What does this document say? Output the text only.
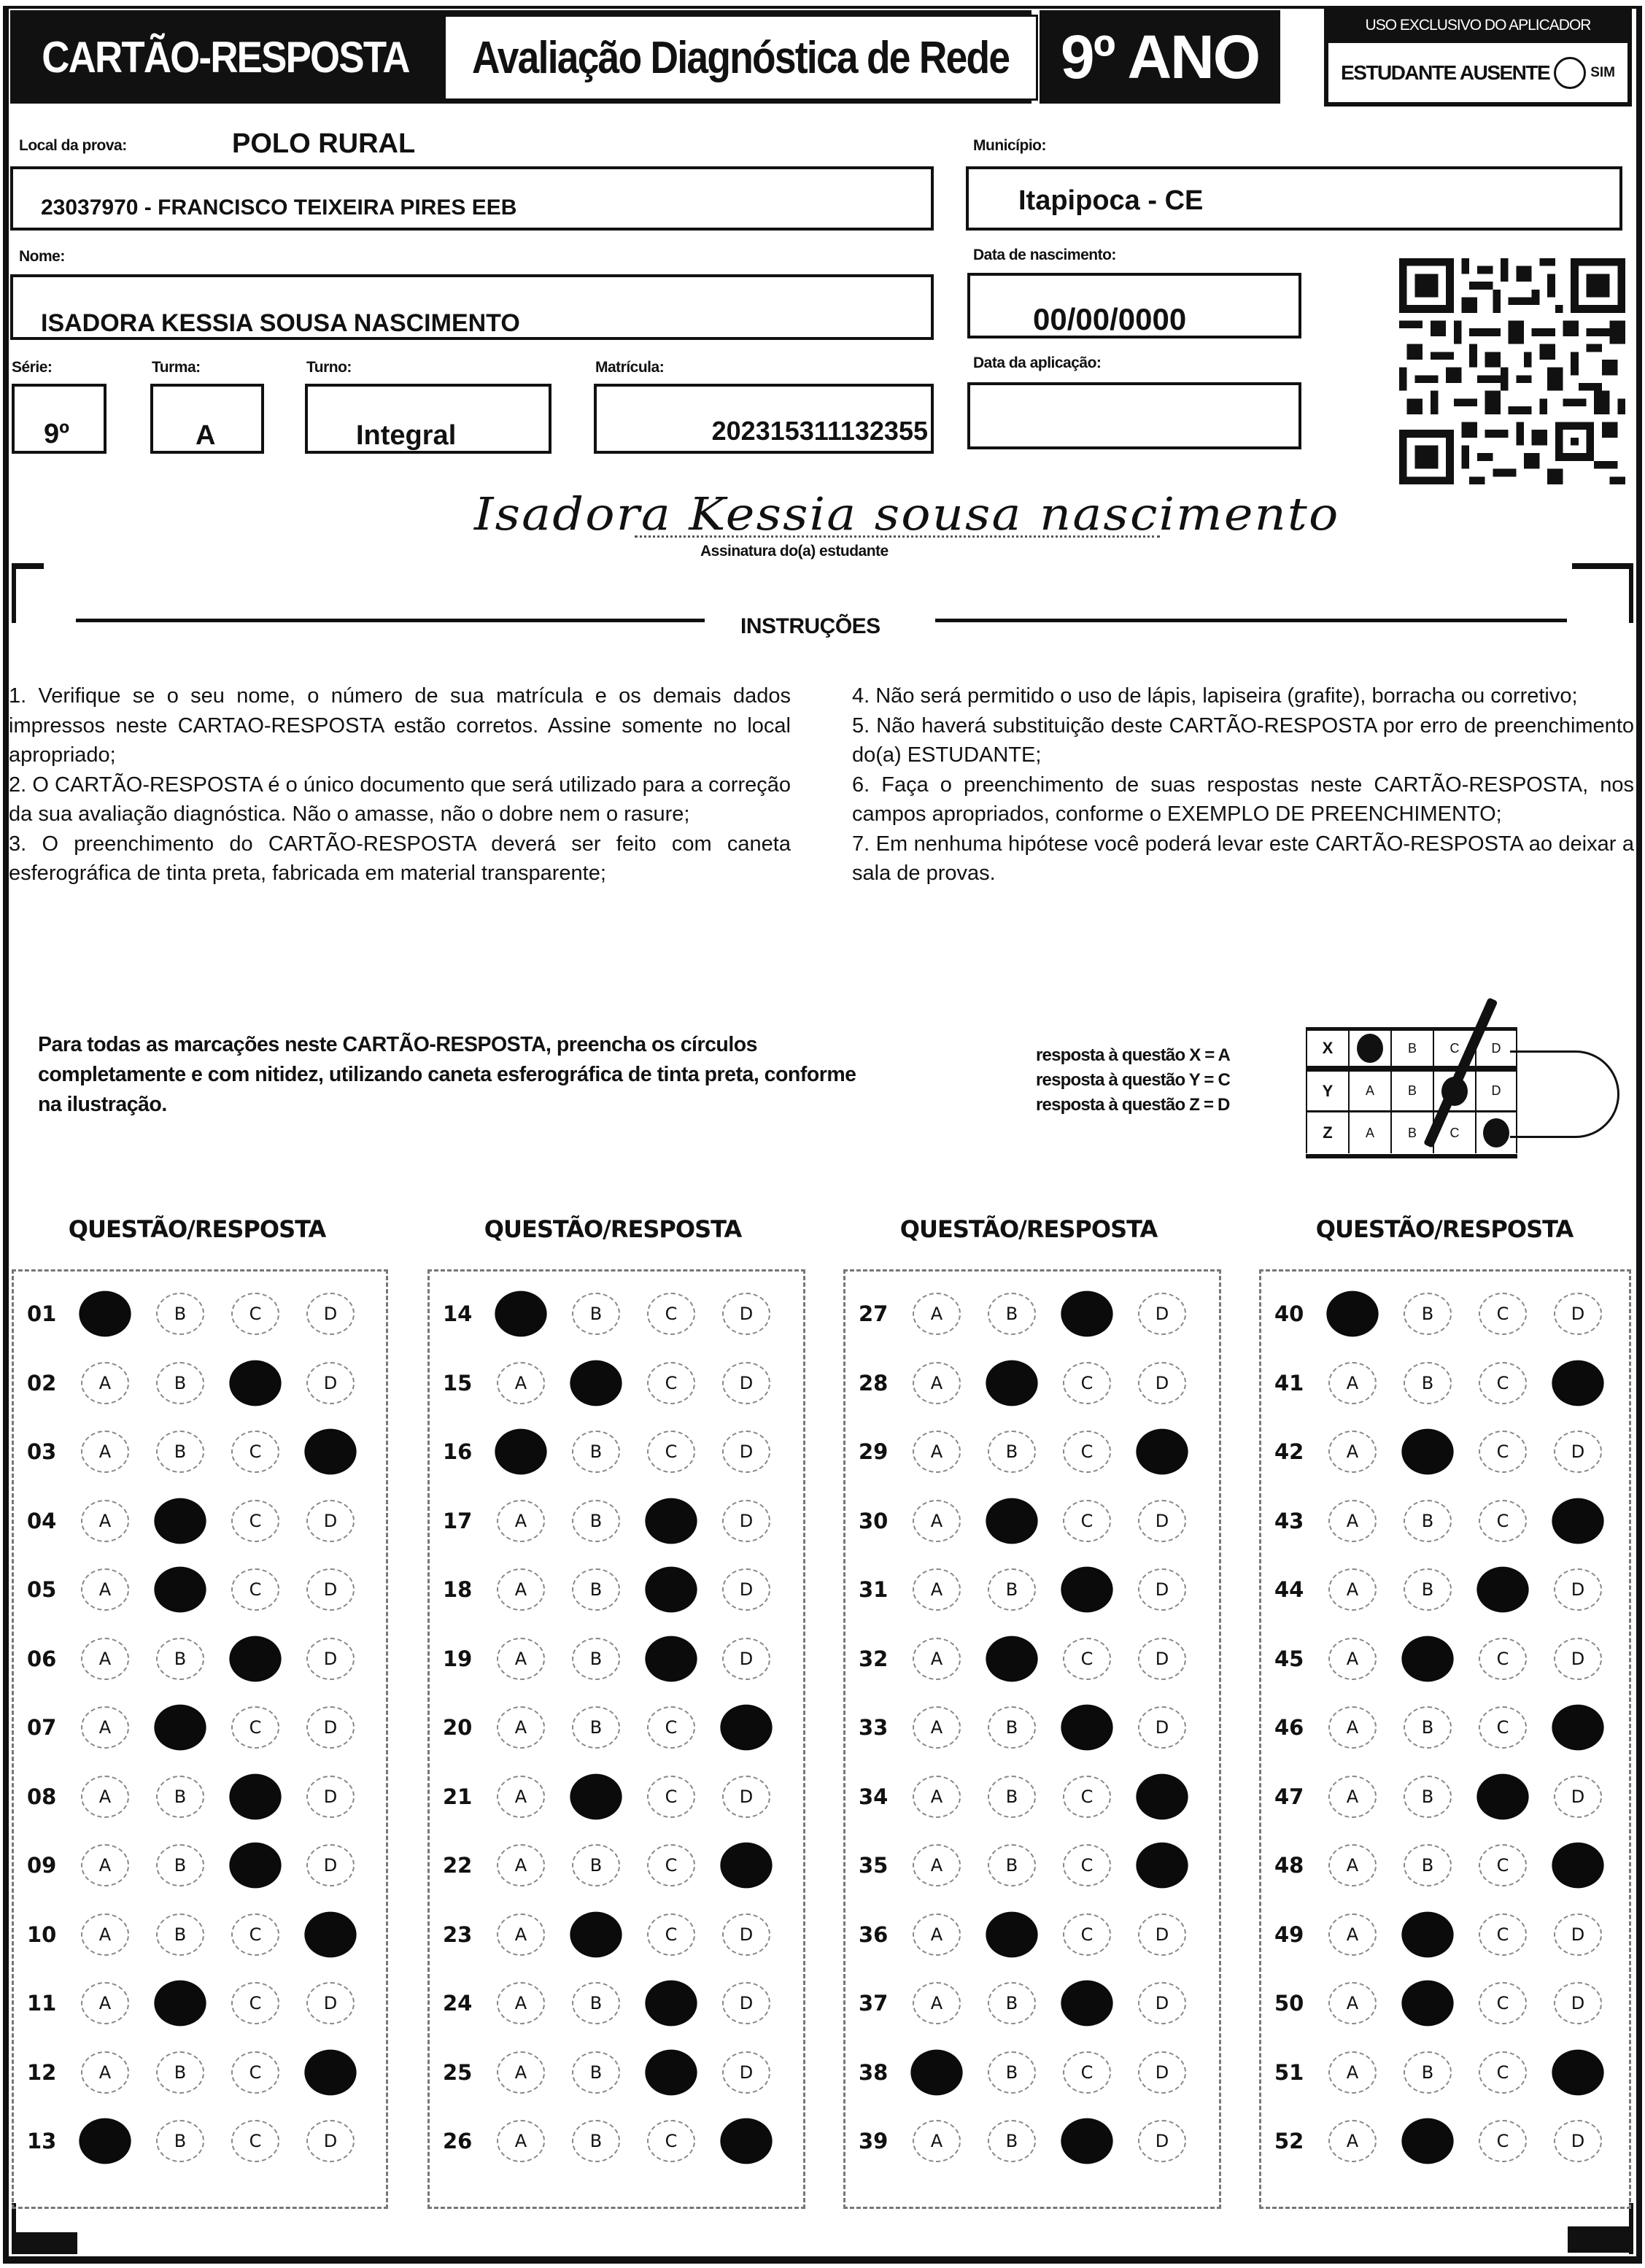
CARTÃO-RESPOSTA Avaliação Diagnóstica de Rede 9º ANO	USO EXCLUSIVO DO APLICADOR
ESTUDANTE AUSENTE	SIM
Local da prova:	POLO RURAL
23037970 - FRANCISCO TEIXEIRA PIRES EEB
Município:
Itapipoca - CE
Nome:
ISADORA KESSIA SOUSA NASCIMENTO
Data de nascimento:
00/00/0000
Série:
9º
Turma:
A
Turno:
Integral
Matrícula:
202315311132355
Data da aplicação:
Isadora Kessia sousa nascimento
Assinatura do(a) estudante
INSTRUÇÕES

1. Verifique se o seu nome, o número de sua matrícula e os demais dados impressos neste CARTAO-RESPOSTA estão corretos. Assine somente no local apropriado;

2. O CARTÃO-RESPOSTA é o único documento que será utilizado para a correção da sua avaliação diagnóstica. Não o amasse, não o dobre nem o rasure;

3. O preenchimento do CARTÃO-RESPOSTA deverá ser feito com caneta esferográfica de tinta preta, fabricada em material transparente;

4. Não será permitido o uso de lápis, lapiseira (grafite), borracha ou corretivo;

5. Não haverá substituição deste CARTÃO-RESPOSTA por erro de preenchimento do(a) ESTUDANTE;

6. Faça o preenchimento de suas respostas neste CARTÃO-RESPOSTA, nos campos apropriados, conforme o EXEMPLO DE PREENCHIMENTO;

7. Em nenhuma hipótese você poderá levar este CARTÃO-RESPOSTA ao deixar a sala de provas.

Para todas as marcações neste CARTÃO-RESPOSTA, preencha os círculos completamente e com nitidez, utilizando caneta esferográfica de tinta preta, conforme na ilustração.
resposta à questão X = A
resposta à questão Y = C
resposta à questão Z = D
X	B	C	D
Y	A	B	D
Z	A	B	C
QUESTÃO/RESPOSTA	QUESTÃO/RESPOSTA	QUESTÃO/RESPOSTA	QUESTÃO/RESPOSTA
01	B	C	D
02	A	B	D
03	A	B	C
04	A	C	D
05	A	C	D
06	A	B	D
07	A	C	D
08	A	B	D
09	A	B	D
10	A	B	C
11	A	C	D
12	A	B	C
13	B	C	D
14	B	C	D
15	A	C	D
16	B	C	D
17	A	B	D
18	A	B	D
19	A	B	D
20	A	B	C
21	A	C	D
22	A	B	C
23	A	C	D
24	A	B	D
25	A	B	D
26	A	B	C
27	A	B	D
28	A	C	D
29	A	B	C
30	A	C	D
31	A	B	D
32	A	C	D
33	A	B	D
34	A	B	C
35	A	B	C
36	A	C	D
37	A	B	D
38	B	C	D
39	A	B	D
40	B	C	D
41	A	B	C
42	A	C	D
43	A	B	C
44	A	B	D
45	A	C	D
46	A	B	C
47	A	B	D
48	A	B	C
49	A	C	D
50	A	C	D
51	A	B	C
52	A	C	D
